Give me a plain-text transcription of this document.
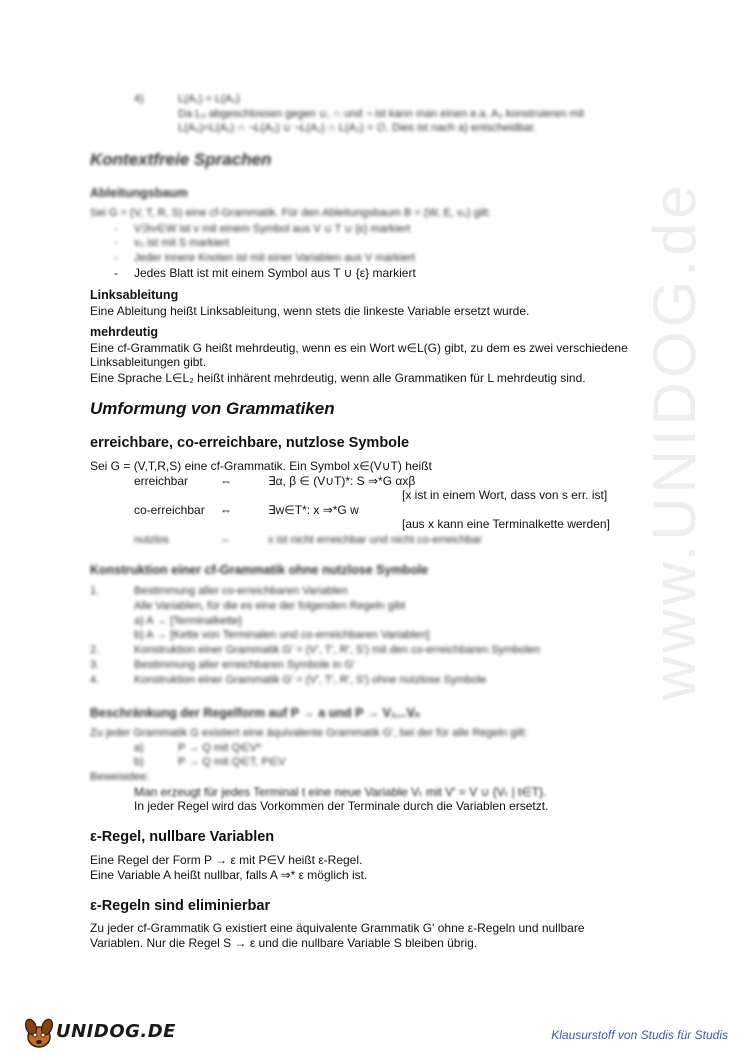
www.UNIDOG.de
4)	L(A₁) = L(A₂)
Da L₃ abgeschlossen gegen ∪, ∩ und ¬ ist kann man einen e.a. A₃ konstruieren mit
L(A₃)=L(A₁) ∩ ¬L(A₂) ∪ ¬L(A₁) ∩ L(A₂) = ∅. Dies ist nach a) entscheidbar.
Kontextfreie Sprachen
Ableitungsbaum
Sei G = (V, T, R, S) eine cf-Grammatik. Für den Ableitungsbaum B = (W, E, v₀) gilt:
- V∋v∈W ist v mit einem Symbol aus V ∪ T ∪ {ε} markiert
- v₀ ist mit S markiert
- Jeder innere Knoten ist mit einer Variablen aus V markiert
- Jedes Blatt ist mit einem Symbol aus T ∪ {ε} markiert
Linksableitung
Eine Ableitung heißt Linksableitung, wenn stets die linkeste Variable ersetzt wurde.
mehrdeutig
Eine cf-Grammatik G heißt mehrdeutig, wenn es ein Wort w∈L(G) gibt, zu dem es zwei verschiedene
Linksableitungen gibt.
Eine Sprache L∈L₂ heißt inhärent mehrdeutig, wenn alle Grammatiken für L mehrdeutig sind.
Umformung von Grammatiken
erreichbare, co-erreichbare, nutzlose Symbole
Sei G = (V,T,R,S) eine cf-Grammatik. Ein Symbol x∈(V∪T) heißt
erreichbar	⇔	∃α, β ∈ (V∪T)*: S ⇒*G αxβ
[x ist in einem Wort, dass von s err. ist]
co-erreichbar ⇔	∃w∈T*: x ⇒*G w
[aus x kann eine Terminalkette werden]
nutzlos	⇔	x ist nicht erreichbar und nicht co-erreichbar
Konstruktion einer cf-Grammatik ohne nutzlose Symbole
1.	Bestimmung aller co-erreichbaren Variablen
Alle Variablen, für die es eine der folgenden Regeln gibt
a) A → [Terminalkette]
b) A → [Kette von Terminalen und co-erreichbaren Variablen]
2.	Konstruktion einer Grammatik G' = (V', T', R', S') mit den co-erreichbaren Symbolen
3.	Bestimmung aller erreichbaren Symbole in G'
4.	Konstruktion einer Grammatik G' = (V', T', R', S') ohne nutzlose Symbole
Beschränkung der Regelform auf P → a und P → V₁...Vₙ
Zu jeder Grammatik G existiert eine äquivalente Grammatik G', bei der für alle Regeln gilt:
a)	P → Q mit Q∈V*
b)	P → Q mit Q∈T, P∈V
Beweisidee:
Man erzeugt für jedes Terminal t eine neue Variable Vₜ mit V' = V ∪ {Vₜ | t∈T}.
In jeder Regel wird das Vorkommen der Terminale durch die Variablen ersetzt.
ε-Regel, nullbare Variablen
Eine Regel der Form P → ε mit P∈V heißt ε-Regel.
Eine Variable A heißt nullbar, falls A ⇒* ε möglich ist.
ε-Regeln sind eliminierbar
Zu jeder cf-Grammatik G existiert eine äquivalente Grammatik G' ohne ε-Regeln und nullbare
Variablen. Nur die Regel S → ε und die nullbare Variable S bleiben übrig.
UNIDOG.DE	Klausurstoff von Studis für Studis
